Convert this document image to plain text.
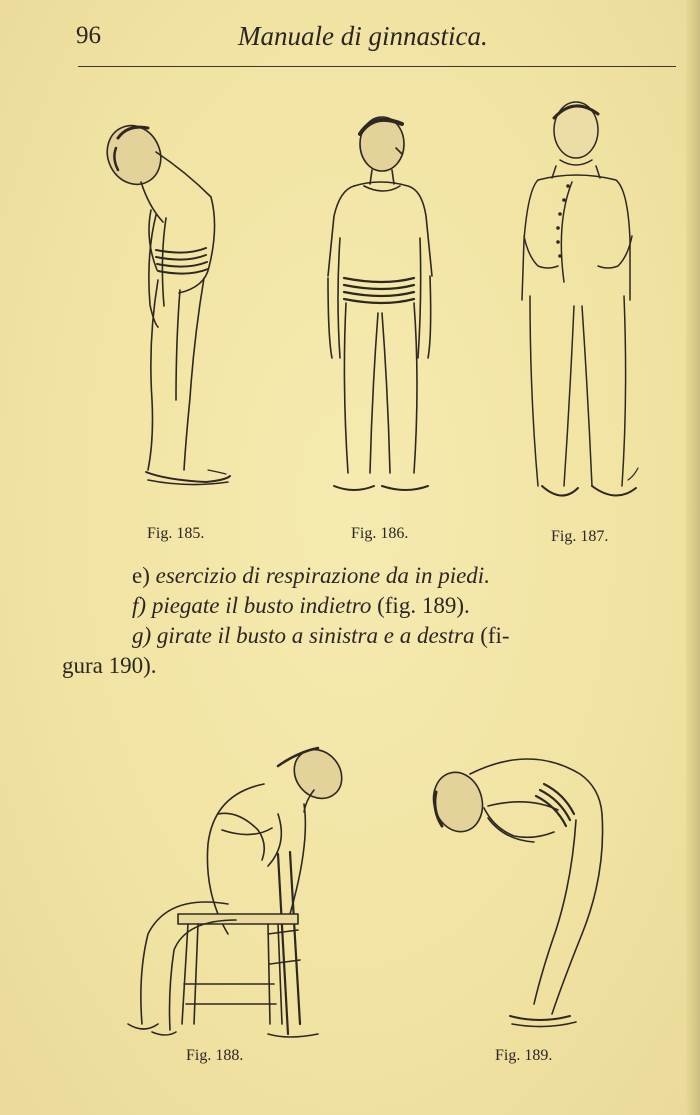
96	Manuale di ginnastica.
Fig. 185.	Fig. 186.	Fig. 187.

e) esercizio di respirazione da in piedi.

f) piegate il busto indietro (fig. 189).

g) girate il busto a sinistra e a destra (fi-

gura 190).

Fig. 188.	Fig. 189.
